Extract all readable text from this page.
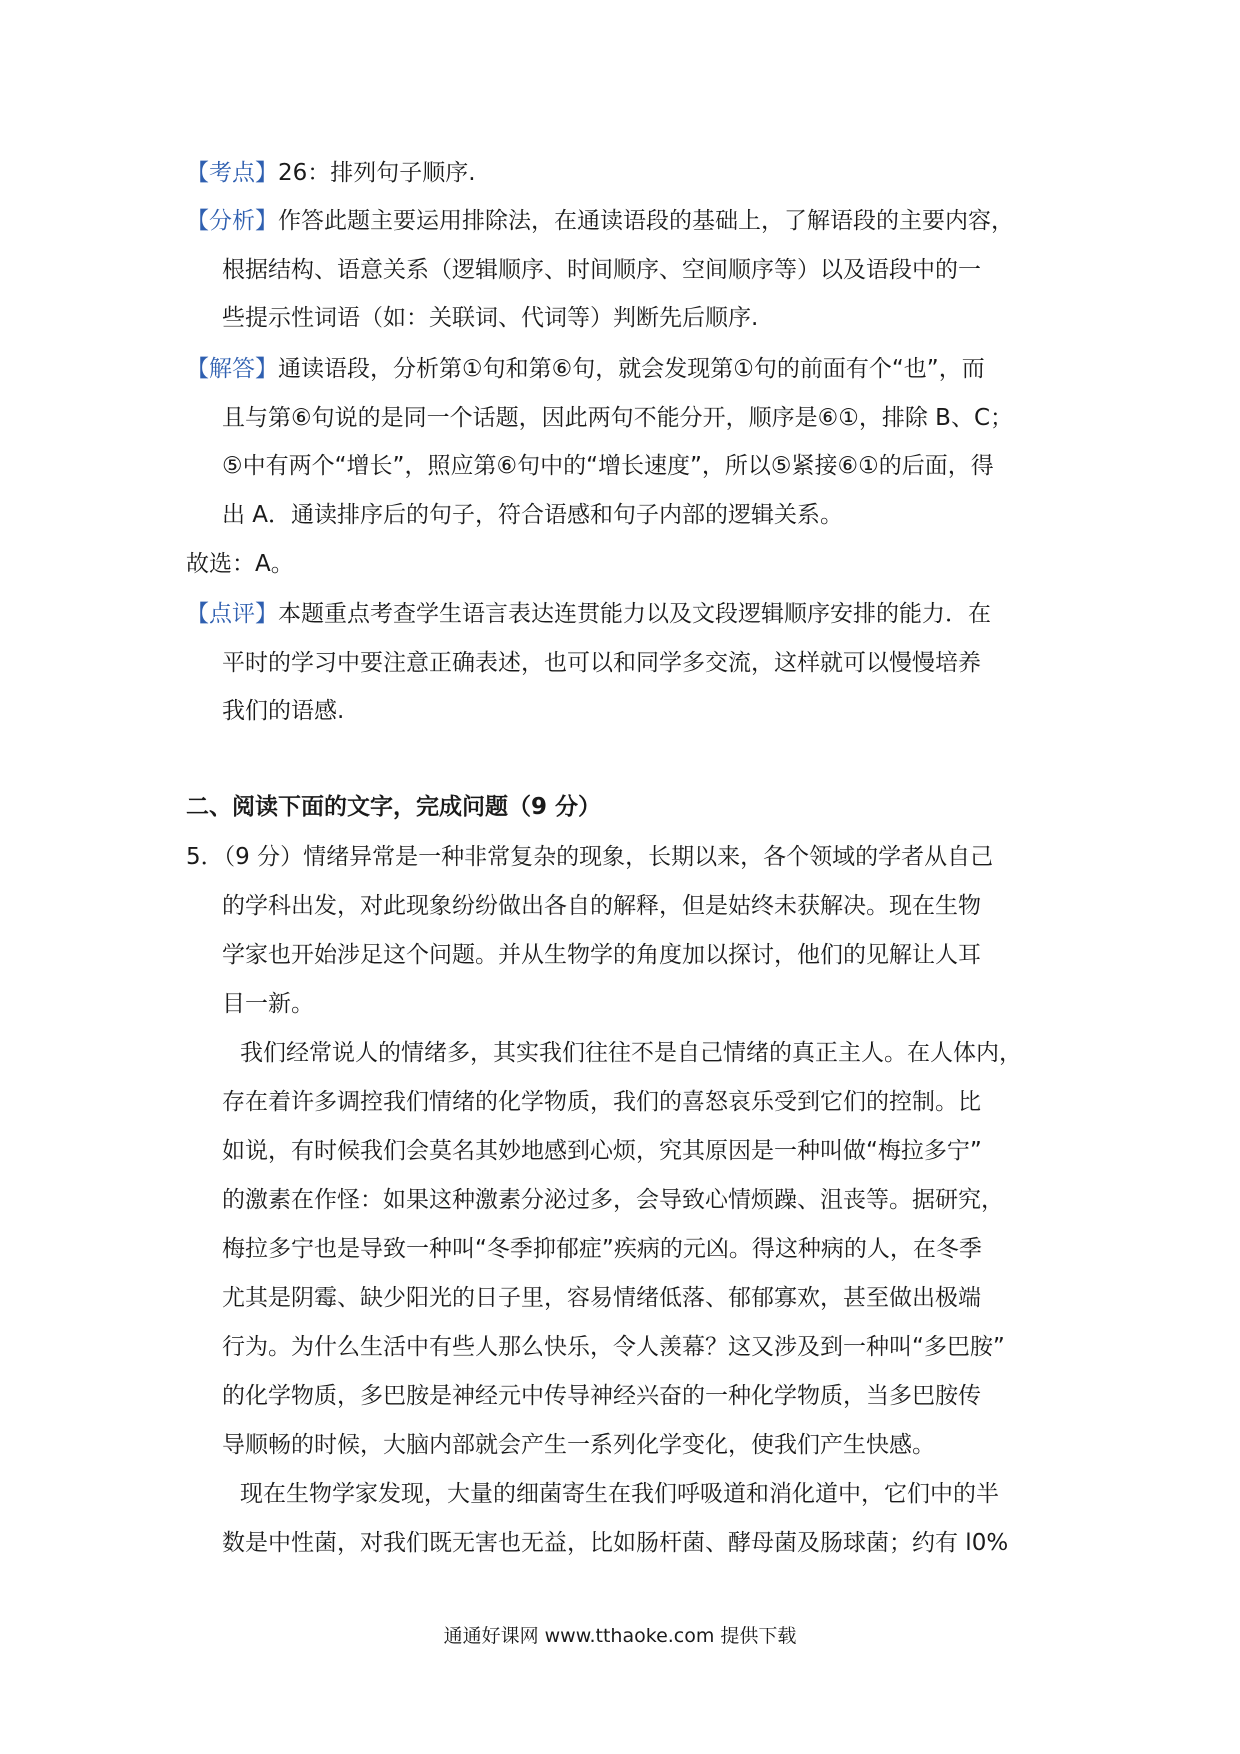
【考点】26：排列句子顺序.
【分析】作答此题主要运用排除法，在通读语段的基础上，了解语段的主要内容，
根据结构、语意关系（逻辑顺序、时间顺序、空间顺序等）以及语段中的一
些提示性词语（如：关联词、代词等）判断先后顺序.
【解答】通读语段，分析第①句和第⑥句，就会发现第①句的前面有个“也”，而
且与第⑥句说的是同一个话题，因此两句不能分开，顺序是⑥①，排除 B、C；
⑤中有两个“增长”，照应第⑥句中的“增长速度”，所以⑤紧接⑥①的后面，得
出 A．通读排序后的句子，符合语感和句子内部的逻辑关系。
故选：A。
【点评】本题重点考查学生语言表达连贯能力以及文段逻辑顺序安排的能力．在
平时的学习中要注意正确表述，也可以和同学多交流，这样就可以慢慢培养
我们的语感.
二、阅读下面的文字，完成问题（9 分）
5．（9 分）情绪异常是一种非常复杂的现象，长期以来，各个领域的学者从自己
的学科出发，对此现象纷纷做出各自的解释，但是姑终未获解决。现在生物
学家也开始涉足这个问题。并从生物学的角度加以探讨，他们的见解让人耳
目一新。
我们经常说人的情绪多，其实我们往往不是自己情绪的真正主人。在人体内，
存在着许多调控我们情绪的化学物质，我们的喜怒哀乐受到它们的控制。比
如说，有时候我们会莫名其妙地感到心烦，究其原因是一种叫做“梅拉多宁”
的激素在作怪：如果这种激素分泌过多，会导致心情烦躁、沮丧等。据研究，
梅拉多宁也是导致一种叫“冬季抑郁症”疾病的元凶。得这种病的人，在冬季
尤其是阴霉、缺少阳光的日子里，容易情绪低落、郁郁寡欢，甚至做出极端
行为。为什么生活中有些人那么快乐，令人羡幕？这又涉及到一种叫“多巴胺”
的化学物质，多巴胺是神经元中传导神经兴奋的一种化学物质，当多巴胺传
导顺畅的时候，大脑内部就会产生一系列化学变化，使我们产生快感。
现在生物学家发现，大量的细菌寄生在我们呼吸道和消化道中，它们中的半
数是中性菌，对我们既无害也无益，比如肠杆菌、酵母菌及肠球菌；约有 l0%
通通好课网 www.tthaoke.com 提供下载
